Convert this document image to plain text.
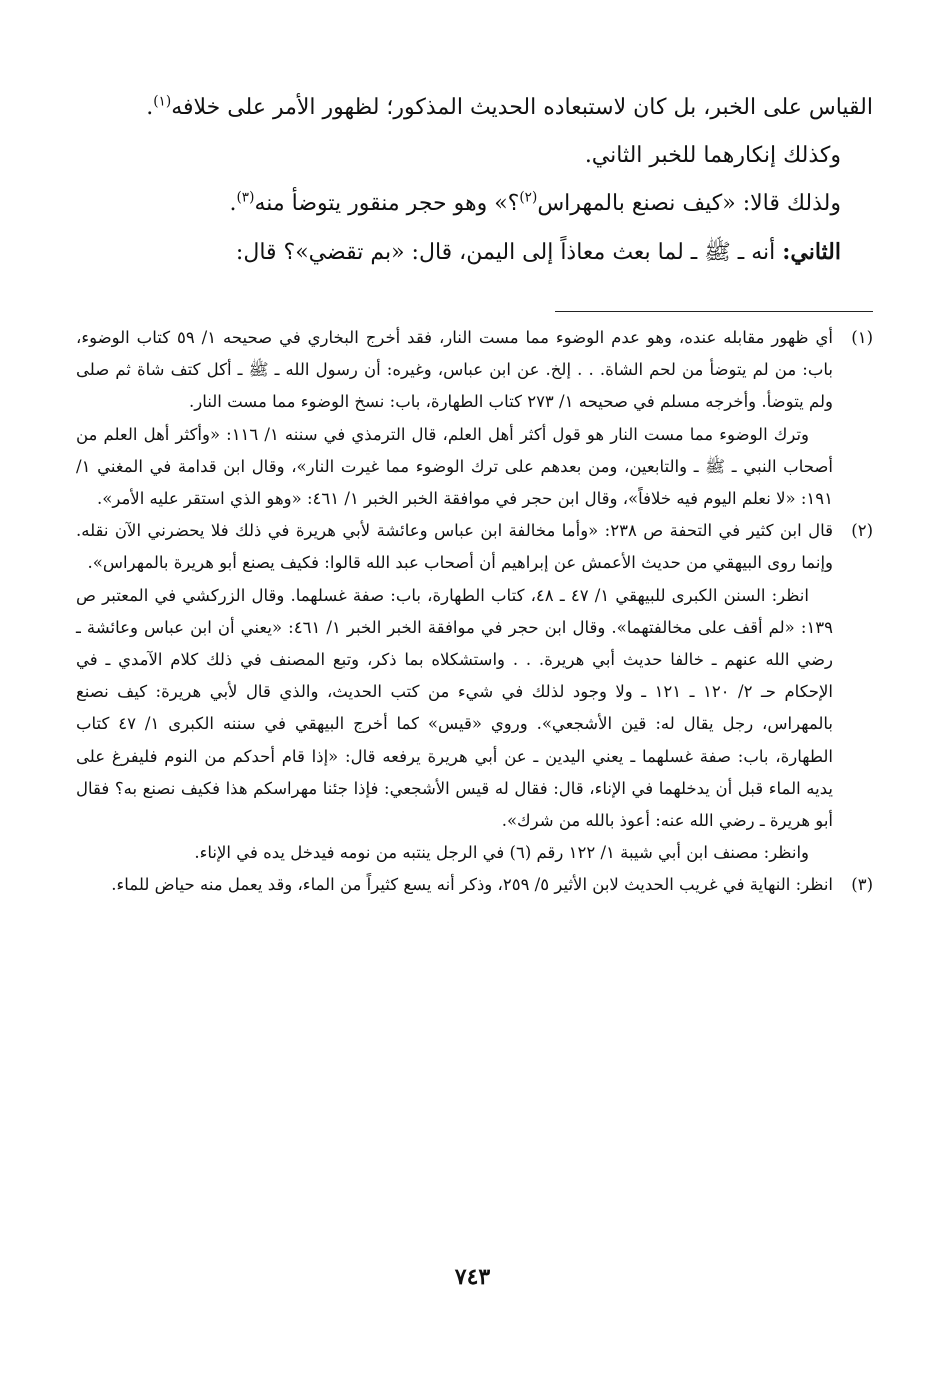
القياس على الخبر، بل كان لاستبعاده الحديث المذكور؛ لظهور الأمر على خلافه$^{(١)}$.

وكذلك إنكارهما للخبر الثاني.

ولذلك قالا: «كيف نصنع بالمهراس$^{(٢)}$؟» وهو حجر منقور يتوضأ منه$^{(٣)}$.

الثاني: أنه ـ ﷺ ـ لما بعث معاذاً إلى اليمن، قال: «بم تقضي»؟ قال:

(١)

أي ظهور مقابله عنده، وهو عدم الوضوء مما مست النار، فقد أخرج البخاري في صحيحه ١/ ٥٩ كتاب الوضوء، باب: من لم يتوضأ من لحم الشاة. . . إلخ. عن ابن عباس، وغيره: أن رسول الله ـ ﷺ ـ أكل كتف شاة ثم صلى ولم يتوضأ. وأخرجه مسلم في صحيحه ١/ ٢٧٣ كتاب الطهارة، باب: نسخ الوضوء مما مست النار.

وترك الوضوء مما مست النار هو قول أكثر أهل العلم، قال الترمذي في سننه ١/ ١١٦: «وأكثر أهل العلم من أصحاب النبي ـ ﷺ ـ والتابعين، ومن بعدهم على ترك الوضوء مما غيرت النار»، وقال ابن قدامة في المغني ١/ ١٩١: «لا نعلم اليوم فيه خلافاً»، وقال ابن حجر في موافقة الخبر الخبر ١/ ٤٦١: «وهو الذي استقر عليه الأمر».

(٢)

قال ابن كثير في التحفة ص ٢٣٨: «وأما مخالفة ابن عباس وعائشة لأبي هريرة في ذلك فلا يحضرني الآن نقله. وإنما روى البيهقي من حديث الأعمش عن إبراهيم أن أصحاب عبد الله قالوا: فكيف يصنع أبو هريرة بالمهراس».

انظر: السنن الكبرى للبيهقي ١/ ٤٧ ـ ٤٨، كتاب الطهارة، باب: صفة غسلهما. وقال الزركشي في المعتبر ص ١٣٩: «لم أقف على مخالفتهما». وقال ابن حجر في موافقة الخبر الخبر ١/ ٤٦١: «يعني أن ابن عباس وعائشة ـ رضي الله عنهم ـ خالفا حديث أبي هريرة. . . واستشكلاه بما ذكر، وتبع المصنف في ذلك كلام الآمدي ـ في الإحكام حـ ٢/ ١٢٠ ـ ١٢١ ـ ولا وجود لذلك في شيء من كتب الحديث، والذي قال لأبي هريرة: كيف نصنع بالمهراس، رجل يقال له: قين الأشجعي». وروي «قيس» كما أخرج البيهقي في سننه الكبرى ١/ ٤٧ كتاب الطهارة، باب: صفة غسلهما ـ يعني اليدين ـ عن أبي هريرة يرفعه قال: «إذا قام أحدكم من النوم فليفرغ على يديه الماء قبل أن يدخلهما في الإناء، قال: فقال له قيس الأشجعي: فإذا جئنا مهراسكم هذا فكيف نصنع به؟ فقال أبو هريرة ـ رضي الله عنه: أعوذ بالله من شرك».

وانظر: مصنف ابن أبي شيبة ١/ ١٢٢ رقم (٦) في الرجل ينتبه من نومه فيدخل يده في الإناء.

(٣)

انظر: النهاية في غريب الحديث لابن الأثير ٥/ ٢٥٩، وذكر أنه يسع كثيراً من الماء، وقد يعمل منه حياض للماء.

٧٤٣
